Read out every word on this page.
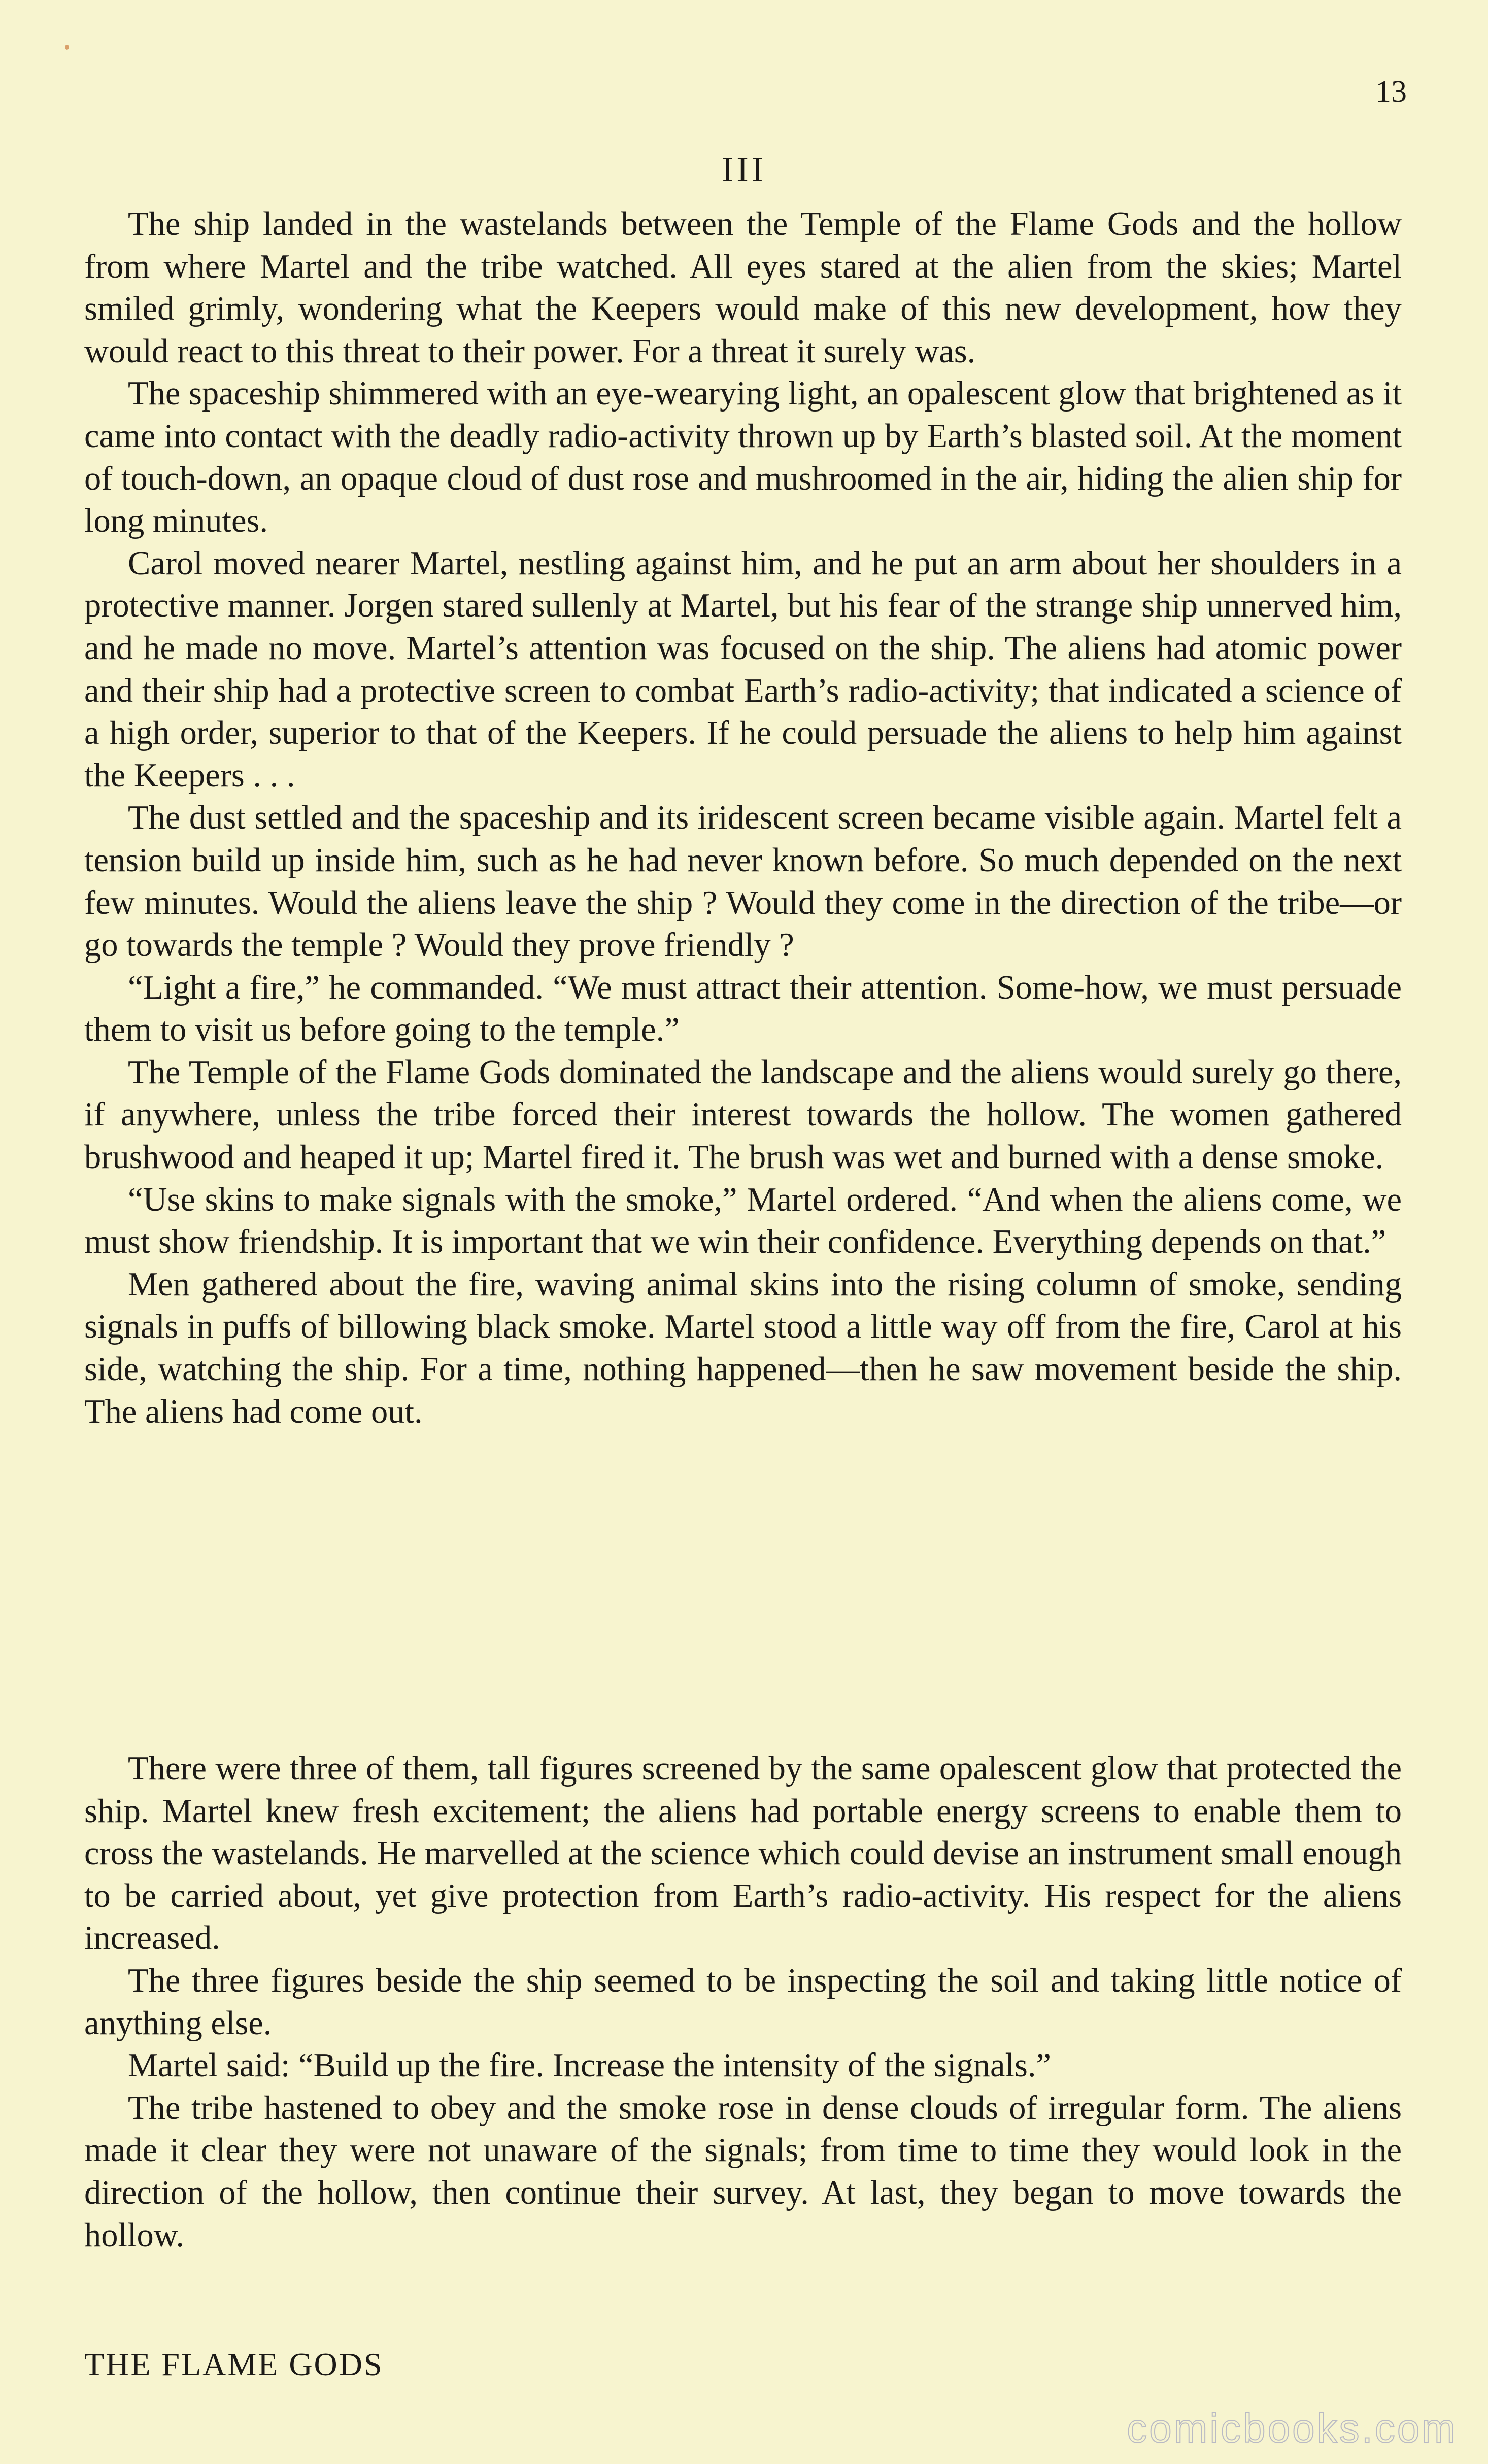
13
III

The ship landed in the wastelands between the Temple of the Flame Gods and the hollow from where Martel and the tribe watched. All eyes stared at the alien from the skies; Martel smiled grimly, wondering what the Keepers would make of this new development, how they would react to this threat to their power. For a threat it surely was.

The spaceship shimmered with an eye-wearying light, an opalescent glow that brightened as it came into contact with the deadly radio-activity thrown up by Earth’s blasted soil. At the moment of touch-down, an opaque cloud of dust rose and mushroomed in the air, hiding the alien ship for long minutes.

Carol moved nearer Martel, nestling against him, and he put an arm about her shoulders in a protective manner. Jorgen stared sullenly at Martel, but his fear of the strange ship unnerved him, and he made no move. Martel’s attention was focused on the ship. The aliens had atomic power and their ship had a protective screen to combat Earth’s radio-activity; that indicated a science of a high order, superior to that of the Keepers. If he could persuade the aliens to help him against the Keepers . . .

The dust settled and the spaceship and its iridescent screen became visible again. Martel felt a tension build up inside him, such as he had never known before. So much depended on the next few minutes. Would the aliens leave the ship ? Would they come in the direction of the tribe—or go towards the temple ? Would they prove friendly ?

“Light a fire,” he commanded. “We must attract their attention. Some-how, we must persuade them to visit us before going to the temple.”

The Temple of the Flame Gods dominated the landscape and the aliens would surely go there, if anywhere, unless the tribe forced their interest towards the hollow. The women gathered brushwood and heaped it up; Martel fired it. The brush was wet and burned with a dense smoke.

“Use skins to make signals with the smoke,” Martel ordered. “And when the aliens come, we must show friendship. It is important that we win their confidence. Everything depends on that.”

Men gathered about the fire, waving animal skins into the rising column of smoke, sending signals in puffs of billowing black smoke. Martel stood a little way off from the fire, Carol at his side, watching the ship. For a time, nothing happened—then he saw movement beside the ship. The aliens had come out.

There were three of them, tall figures screened by the same opalescent glow that protected the ship. Martel knew fresh excitement; the aliens had portable energy screens to enable them to cross the wastelands. He marvelled at the science which could devise an instrument small enough to be carried about, yet give protection from Earth’s radio-activity. His respect for the aliens increased.

The three figures beside the ship seemed to be inspecting the soil and taking little notice of anything else.

Martel said: “Build up the fire. Increase the intensity of the signals.”

The tribe hastened to obey and the smoke rose in dense clouds of irregular form. The aliens made it clear they were not unaware of the signals; from time to time they would look in the direction of the hollow, then continue their survey. At last, they began to move towards the hollow.

THE FLAME GODS
comicbooks.com
